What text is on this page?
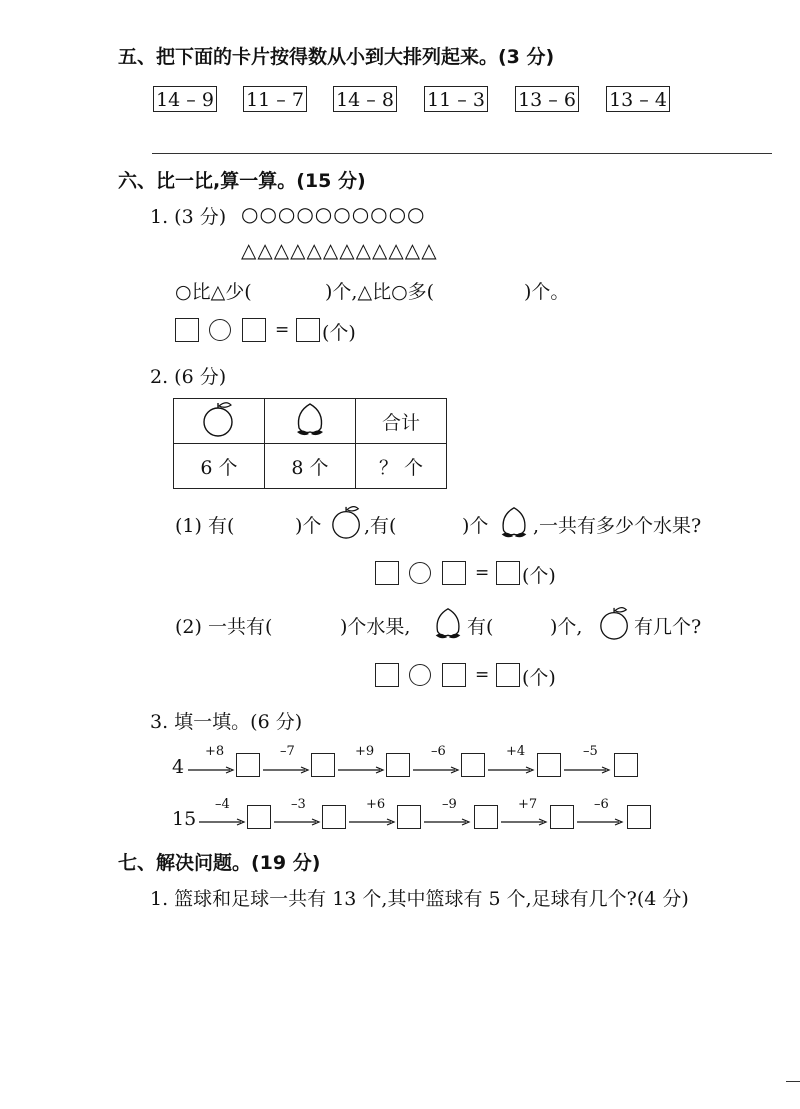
五、把下面的卡片按得数从小到大排列起来。(3 分)
14 – 9 11 – 7 14 – 8 11 – 3 13 – 6 13 – 4
六、比一比,算一算。(15 分)
1. (3 分) ○○○○○○○○○○
△△△△△△△△△△△△
○比△少(	)个,△比○多(	)个。
= (个)
2. (6 分)
		合计
6 个	8 个	？ 个
(1) 有(	)个 ,有(	)个 ,一共有多少个水果?
= (个)
(2) 一共有(	)个水果,	有(	)个,	有几个?
= (个)
3. 填一填。(6 分)
4
+8	–7	+9	–6	+4	–5
15
–4	–3	+6	–9	+7	–6
七、解决问题。(19 分)
1. 篮球和足球一共有 13 个,其中篮球有 5 个,足球有几个?(4 分)
